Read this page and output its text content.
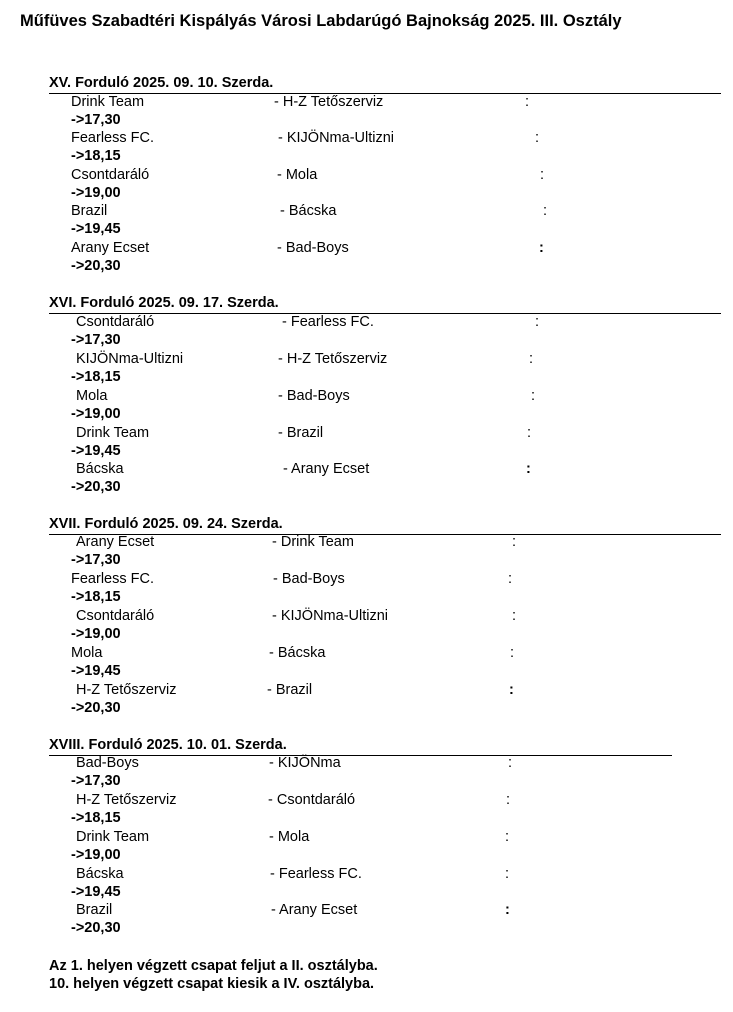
Műfüves Szabadtéri Kispályás Városi Labdarúgó Bajnokság 2025. III. Osztály
XV. Forduló 2025. 09. 10. Szerda.
Drink Team	- H-Z Tetőszerviz	:
->17,30
Fearless FC.	- KIJÖNma-Ultizni	:
->18,15
Csontdaráló	- Mola	:
->19,00
Brazil	- Bácska	:
->19,45
Arany Ecset	- Bad-Boys	:
->20,30
XVI. Forduló 2025. 09. 17. Szerda.
Csontdaráló	- Fearless FC.	:
->17,30
KIJÖNma-Ultizni	- H-Z Tetőszerviz	:
->18,15
Mola	- Bad-Boys	:
->19,00
Drink Team	- Brazil	:
->19,45
Bácska	- Arany Ecset	:
->20,30
XVII. Forduló 2025. 09. 24. Szerda.
Arany Ecset	- Drink Team	:
->17,30
Fearless FC.	- Bad-Boys	:
->18,15
Csontdaráló	- KIJÖNma-Ultizni	:
->19,00
Mola	- Bácska	:
->19,45
H-Z Tetőszerviz	- Brazil	:
->20,30
XVIII. Forduló 2025. 10. 01. Szerda.
Bad-Boys	- KIJÖNma	:
->17,30
H-Z Tetőszerviz	- Csontdaráló	:
->18,15
Drink Team	- Mola	:
->19,00
Bácska	- Fearless FC.	:
->19,45
Brazil	- Arany Ecset	:
->20,30
Az 1. helyen végzett csapat feljut a II. osztályba.
10. helyen végzett csapat kiesik a IV. osztályba.
